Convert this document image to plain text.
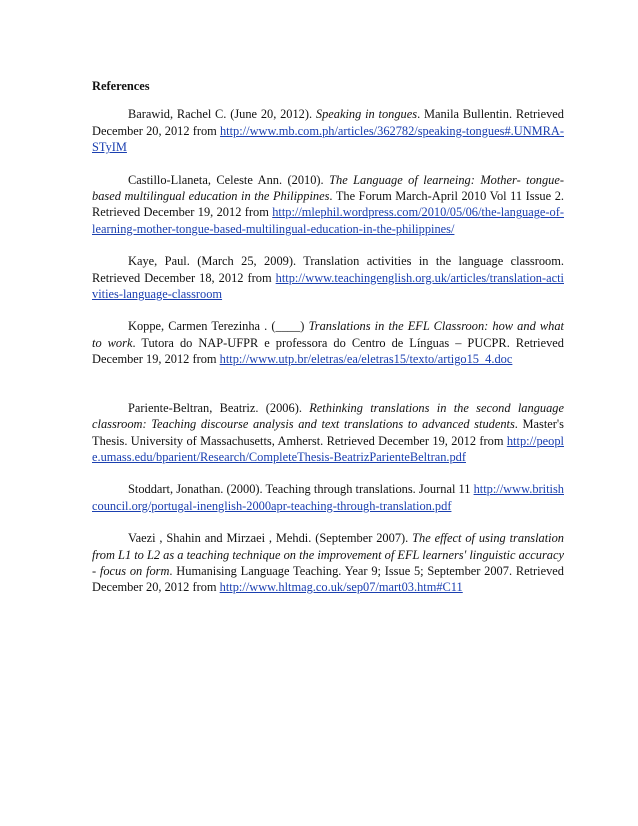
References

Barawid, Rachel C. (June 20, 2012). Speaking in tongues. Manila Bullentin. Retrieved December 20, 2012 from http://www.mb.com.ph/articles/362782/speaking-tongues#.UNMRA-STyIM

Castillo-Llaneta, Celeste Ann. (2010). The Language of learneing: Mother- tongue-based multilingual education in the Philippines. The Forum March-April 2010 Vol 11 Issue 2. Retrieved December 19, 2012 from http://mlephil.wordpress.com/2010/05/06/the-language-of-learning-mother-tongue-based-multilingual-education-in-the-philippines/

Kaye, Paul. (March 25, 2009). Translation activities in the language classroom. Retrieved December 18, 2012 from http://www.teachingenglish.org.uk/articles/translation-activities-language-classroom

Koppe, Carmen Terezinha . (____) Translations in the EFL Classroon: how and what to work. Tutora do NAP-UFPR e professora do Centro de Línguas – PUCPR. Retrieved December 19, 2012 from http://www.utp.br/eletras/ea/eletras15/texto/artigo15_4.doc

Pariente-Beltran, Beatriz. (2006). Rethinking translations in the second language classroom: Teaching discourse analysis and text translations to advanced students. Master's Thesis. University of Massachusetts, Amherst. Retrieved December 19, 2012 from http://people.umass.edu/bparient/Research/CompleteThesis-BeatrizParienteBeltran.pdf

Stoddart, Jonathan. (2000). Teaching through translations. Journal 11 http://www.britishcouncil.org/portugal-inenglish-2000apr-teaching-through-translation.pdf

Vaezi , Shahin and Mirzaei , Mehdi. (September 2007). The effect of using translation from L1 to L2 as a teaching technique on the improvement of EFL learners' linguistic accuracy - focus on form. Humanising Language Teaching. Year 9; Issue 5; September 2007. Retrieved December 20, 2012 from http://www.hltmag.co.uk/sep07/mart03.htm#C11
